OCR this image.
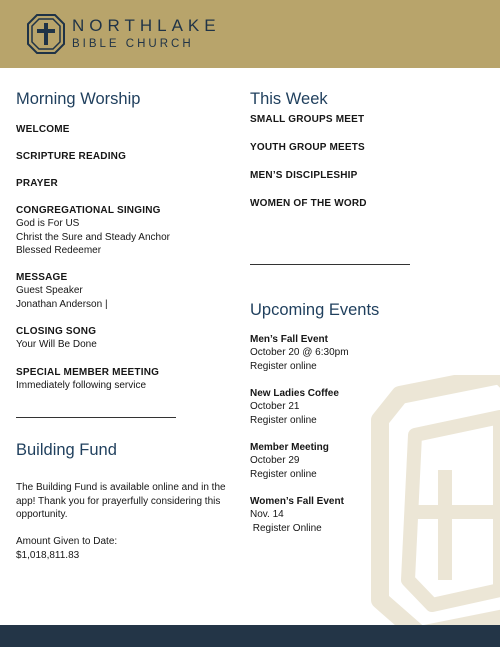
NORTHLAKE
BIBLE CHURCH
Morning Worship
WELCOME
SCRIPTURE READING
PRAYER
CONGREGATIONAL SINGING
God is For US
Christ the Sure and Steady Anchor
Blessed Redeemer
MESSAGE
Guest Speaker
Jonathan Anderson |
CLOSING SONG
Your Will Be Done
SPECIAL MEMBER MEETING
Immediately following service
Building Fund
The Building Fund is available online and in the app! Thank you for prayerfully considering this opportunity.
Amount Given to Date:
$1,018,811.83
This Week
SMALL GROUPS MEET
YOUTH GROUP MEETS
MEN’S DISCIPLESHIP
WOMEN OF THE WORD
Upcoming Events
Men’s Fall Event
October 20 @ 6:30pm
Register online
New Ladies Coffee
October 21
Register online
Member Meeting
October 29
Register online
Women’s Fall Event
Nov. 14
Register Online
